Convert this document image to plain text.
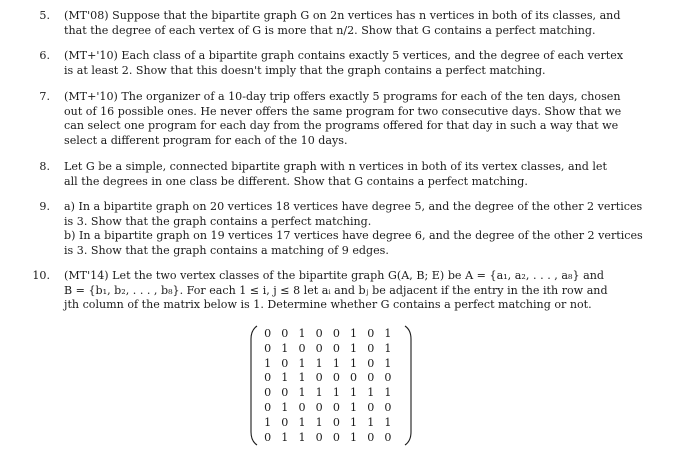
5. (MT'08) Suppose that the bipartite graph G on 2n vertices has n vertices in both of its classes, and
that the degree of each vertex of G is more that n/2. Show that G contains a perfect matching.
6. (MT+'10) Each class of a bipartite graph contains exactly 5 vertices, and the degree of each vertex
is at least 2. Show that this doesn't imply that the graph contains a perfect matching.
7. (MT+'10) The organizer of a 10-day trip offers exactly 5 programs for each of the ten days, chosen
out of 16 possible ones. He never offers the same program for two consecutive days. Show that we
can select one program for each day from the programs offered for that day in such a way that we
select a different program for each of the 10 days.
8. Let G be a simple, connected bipartite graph with n vertices in both of its vertex classes, and let
all the degrees in one class be different. Show that G contains a perfect matching.
9. a) In a bipartite graph on 20 vertices 18 vertices have degree 5, and the degree of the other 2 vertices
is 3. Show that the graph contains a perfect matching.
b) In a bipartite graph on 19 vertices 17 vertices have degree 6, and the degree of the other 2 vertices
is 3. Show that the graph contains a matching of 9 edges.
10. (MT'14) Let the two vertex classes of the bipartite graph G(A, B; E) be A = {a₁, a₂, . . . , a₈} and
B = {b₁, b₂, . . . , b₈}. For each 1 ≤ i, j ≤ 8 let aᵢ and bⱼ be adjacent if the entry in the ith row and
jth column of the matrix below is 1. Determine whether G contains a perfect matching or not.
0 0 1 0 0 1 0 1
0 1 0 0 0 1 0 1
1 0 1 1 1 1 0 1
0 1 1 0 0 0 0 0
0 0 1 1 1 1 1 1
0 1 0 0 0 1 0 0
1 0 1 1 0 1 1 1
0 1 1 0 0 1 0 0
